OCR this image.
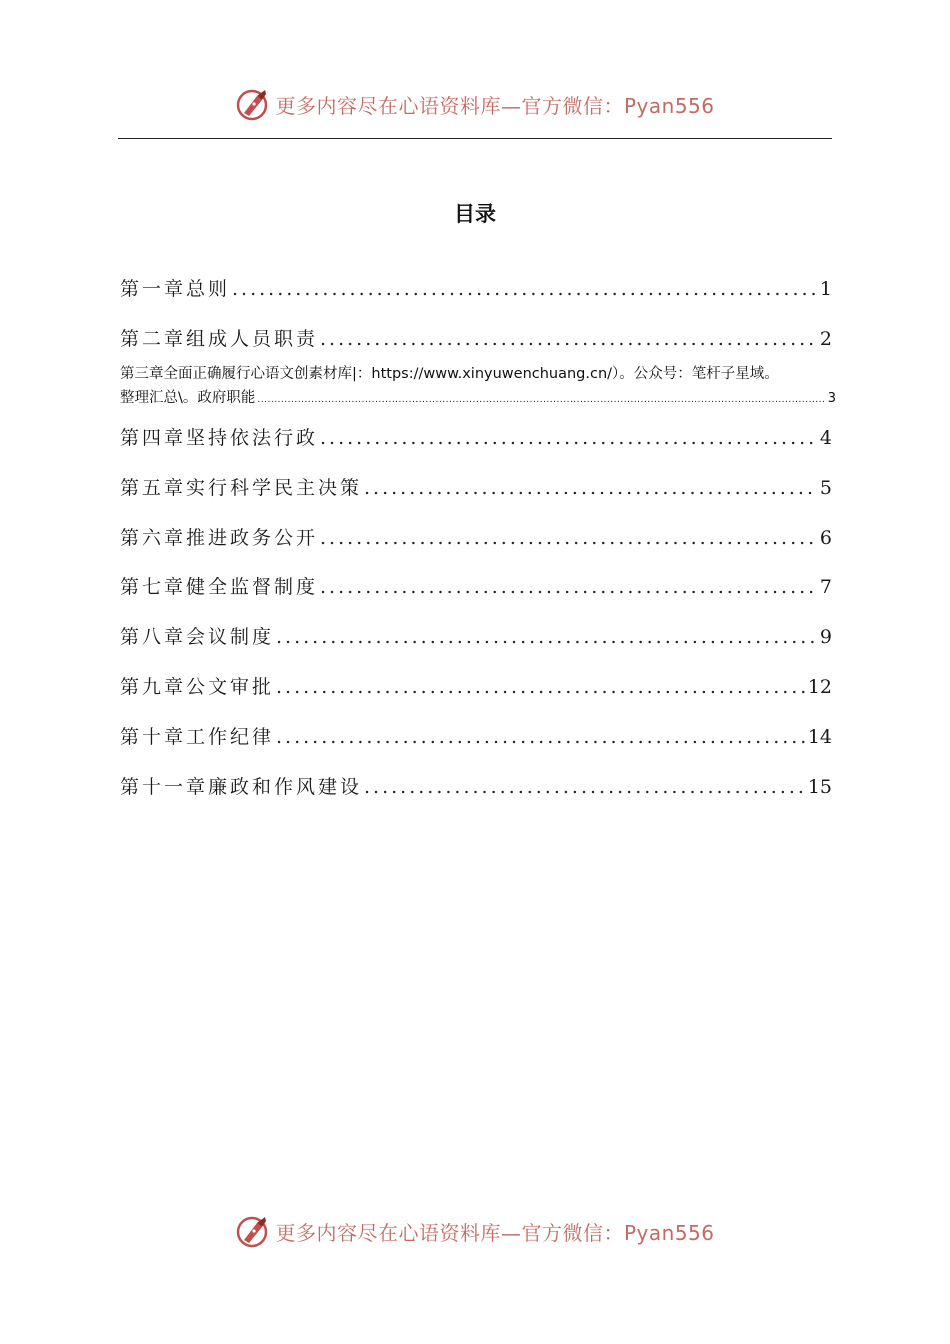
更多内容尽在心语资料库—官方微信：Pyan556
目录
第一章总则 .....	1
第二章组成人员职责 .....	2
第三章全面正确履行心语文创素材库|：https://www.xinyuwenchuang.cn/）。公众号：笔杆子星域。
整理汇总\。政府职能 .....	3
第四章坚持依法行政 .....	4
第五章实行科学民主决策 .....	5
第六章推进政务公开 .....	6
第七章健全监督制度 .....	7
第八章会议制度 .....	9
第九章公文审批 .....	12
第十章工作纪律 .....	14
第十一章廉政和作风建设 .....	15
更多内容尽在心语资料库—官方微信：Pyan556
